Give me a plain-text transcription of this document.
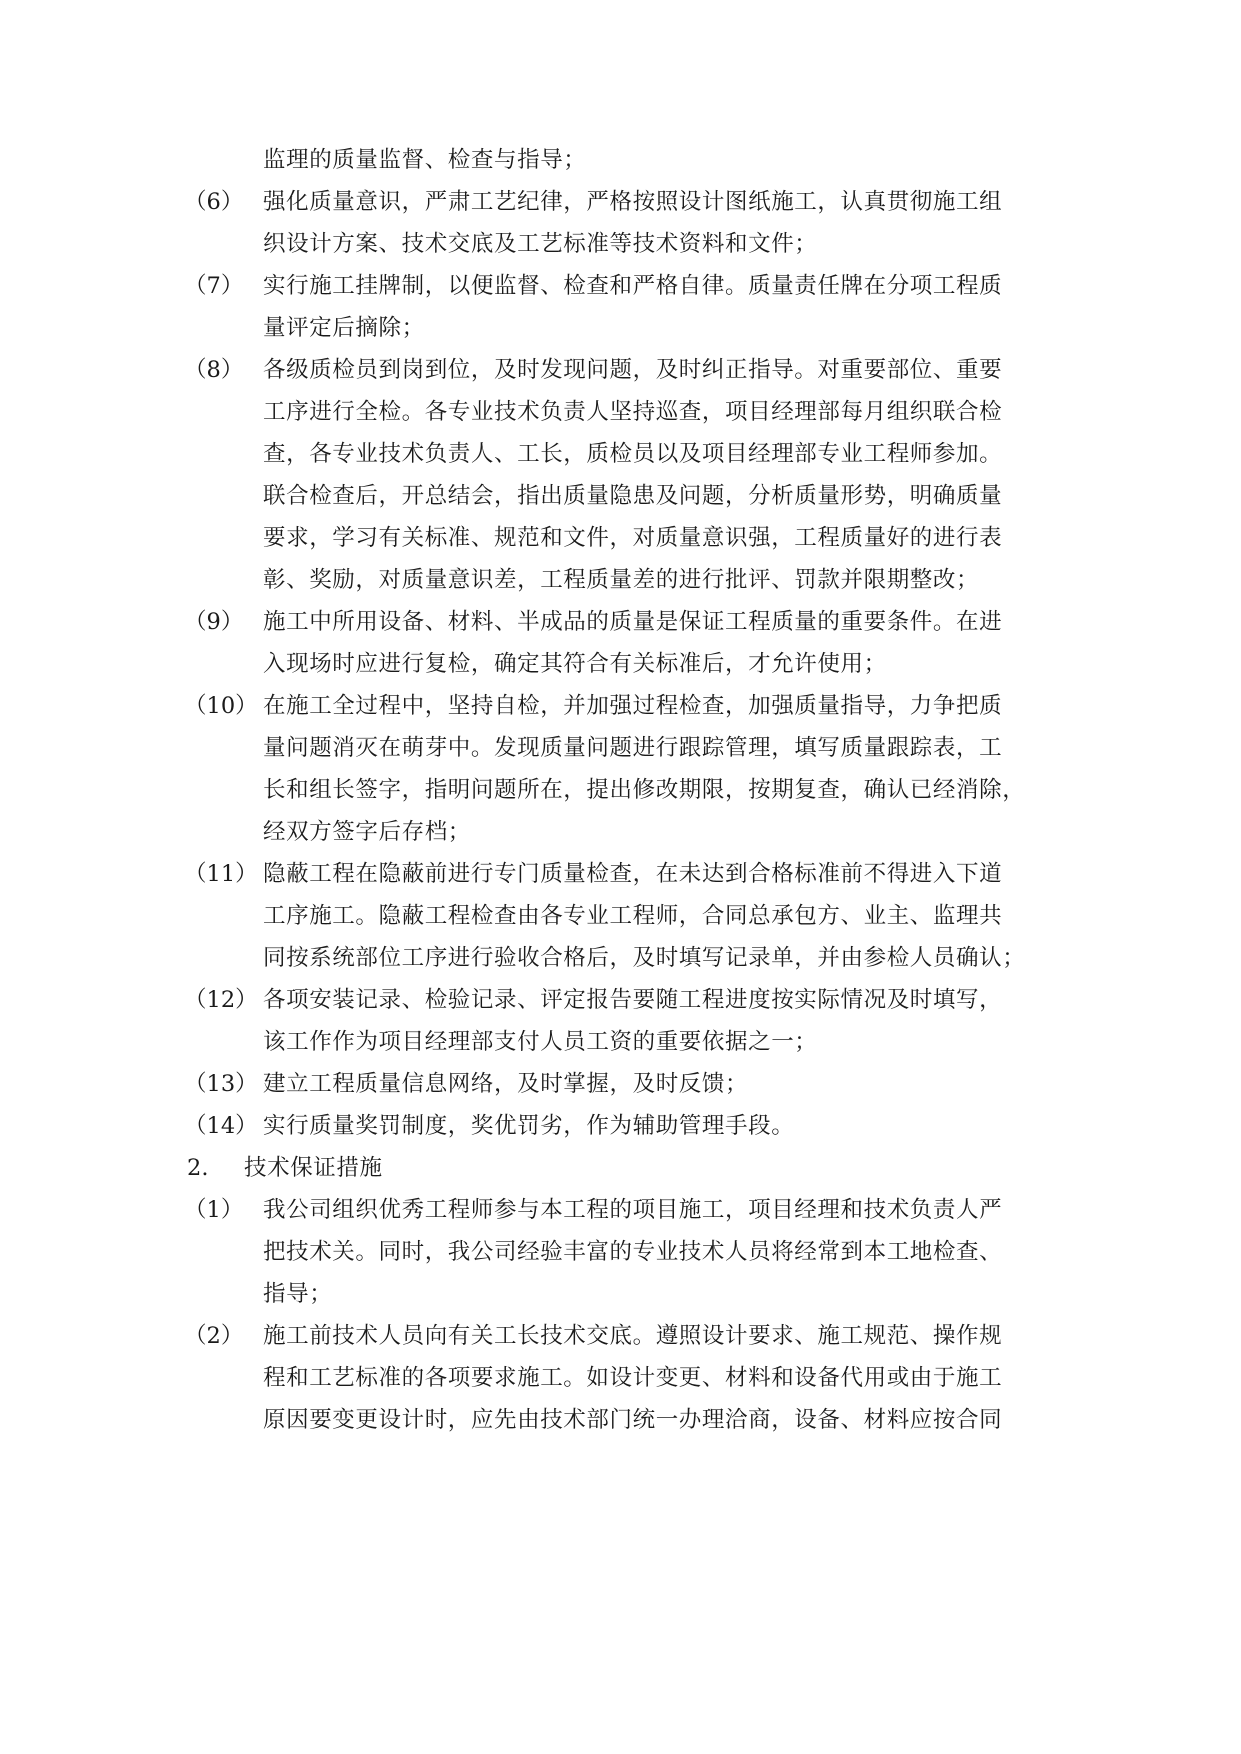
监理的质量监督、检查与指导；
（6） 强化质量意识，严肃工艺纪律，严格按照设计图纸施工，认真贯彻施工组
织设计方案、技术交底及工艺标准等技术资料和文件；
（7） 实行施工挂牌制，以便监督、检查和严格自律。质量责任牌在分项工程质
量评定后摘除；
（8） 各级质检员到岗到位，及时发现问题，及时纠正指导。对重要部位、重要
工序进行全检。各专业技术负责人坚持巡查，项目经理部每月组织联合检
查，各专业技术负责人、工长，质检员以及项目经理部专业工程师参加。
联合检查后，开总结会，指出质量隐患及问题，分析质量形势，明确质量
要求，学习有关标准、规范和文件，对质量意识强，工程质量好的进行表
彰、奖励，对质量意识差，工程质量差的进行批评、罚款并限期整改；
（9） 施工中所用设备、材料、半成品的质量是保证工程质量的重要条件。在进
入现场时应进行复检，确定其符合有关标准后，才允许使用；
（10） 在施工全过程中，坚持自检，并加强过程检查，加强质量指导，力争把质
量问题消灭在萌芽中。发现质量问题进行跟踪管理，填写质量跟踪表，工
长和组长签字，指明问题所在，提出修改期限，按期复查，确认已经消除，
经双方签字后存档；
（11） 隐蔽工程在隐蔽前进行专门质量检查，在未达到合格标准前不得进入下道
工序施工。隐蔽工程检查由各专业工程师，合同总承包方、业主、监理共
同按系统部位工序进行验收合格后，及时填写记录单，并由参检人员确认；
（12） 各项安装记录、检验记录、评定报告要随工程进度按实际情况及时填写，
该工作作为项目经理部支付人员工资的重要依据之一；
（13） 建立工程质量信息网络，及时掌握，及时反馈；
（14） 实行质量奖罚制度，奖优罚劣，作为辅助管理手段。
2. 技术保证措施
（1） 我公司组织优秀工程师参与本工程的项目施工，项目经理和技术负责人严
把技术关。同时，我公司经验丰富的专业技术人员将经常到本工地检查、
指导；
（2） 施工前技术人员向有关工长技术交底。遵照设计要求、施工规范、操作规
程和工艺标准的各项要求施工。如设计变更、材料和设备代用或由于施工
原因要变更设计时，应先由技术部门统一办理洽商，设备、材料应按合同
